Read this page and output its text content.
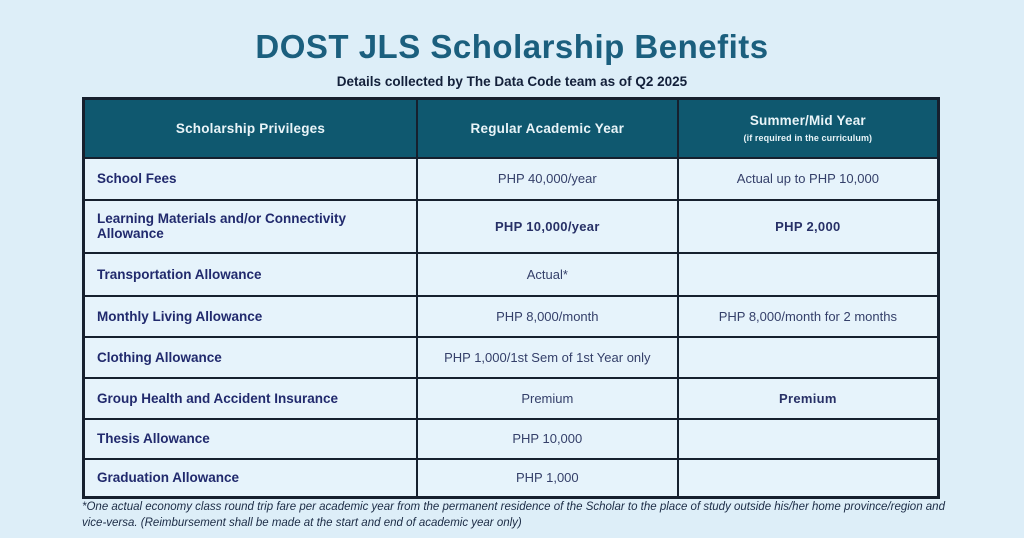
DOST JLS Scholarship Benefits
Details collected by The Data Code team as of Q2 2025
Scholarship Privileges	Regular Academic Year	Summer/Mid Year
(if required in the curriculum)

School Fees	PHP 40,000/year	Actual up to PHP 10,000
Learning Materials and/or Connectivity Allowance	PHP 10,000/year	PHP 2,000
Transportation Allowance	Actual*	
Monthly Living Allowance	PHP 8,000/month	PHP 8,000/month for 2 months
Clothing Allowance	PHP 1,000/1st Sem of 1st Year only	
Group Health and Accident Insurance	Premium	Premium
Thesis Allowance	PHP 10,000	
Graduation Allowance	PHP 1,000	
*One actual economy class round trip fare per academic year from the permanent residence of the Scholar to the place of study outside his/her home province/region and vice-versa. (Reimbursement shall be made at the start and end of academic year only)
